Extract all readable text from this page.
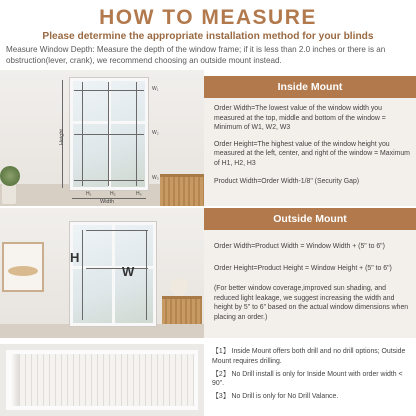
HOW TO MEASURE
Please determine the appropriate installation method for your blinds
Measure Window Depth: Measure the depth of the window frame; if it is less than 2.0 inches or there is an obstruction(lever, crank), we recommend choosing an outside mount instead.
Height
W₁
W₂
W₃
H₁	H₂	H₃
Width
Inside Mount

Order Width=The lowest value of the window width you measured at the top, middle and bottom of the window = Minimum of W1, W2, W3

Order Height=The highest value of the window height you measured at the left, center, and right of the window = Maximum of H1, H2, H3

Product Width=Order Width-1/8" (Security Gap)

H
W
Outside Mount

Order Width=Product Width = Window Width + (5" to 6")

Order Height=Product Height = Window Height + (5" to 6")

(For better window coverage,improved sun shading, and reduced light leakage, we suggest increasing the width and height by 5" to 6" based on the actual window dimensions when placing an order.)

【1】 Inside Mount offers both drill and no drill options; Outside Mount requires drilling.

【2】 No Drill install is only for Inside Mount with order width < 90".

【3】 No Drill is only for No Drill Valance.
